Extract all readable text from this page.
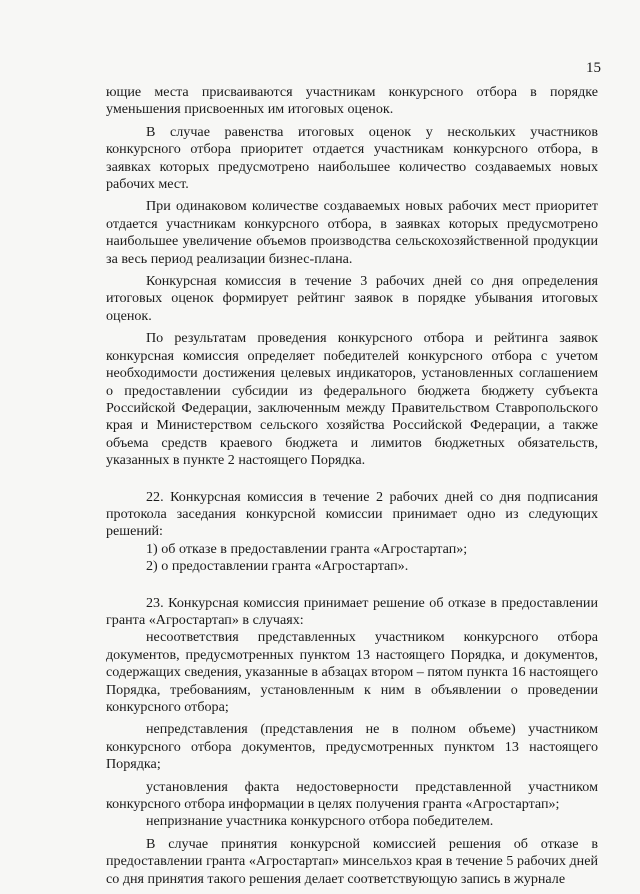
15

ющие места присваиваются участникам конкурсного отбора в порядке уменьшения присвоенных им итоговых оценок.

В случае равенства итоговых оценок у нескольких участников конкурсного отбора приоритет отдается участникам конкурсного отбора, в заявках которых предусмотрено наибольшее количество создаваемых новых рабочих мест.

При одинаковом количестве создаваемых новых рабочих мест приоритет отдается участникам конкурсного отбора, в заявках которых предусмотрено наибольшее увеличение объемов производства сельскохозяйственной продукции за весь период реализации бизнес-плана.

Конкурсная комиссия в течение 3 рабочих дней со дня определения итоговых оценок формирует рейтинг заявок в порядке убывания итоговых оценок.

По результатам проведения конкурсного отбора и рейтинга заявок конкурсная комиссия определяет победителей конкурсного отбора с учетом необходимости достижения целевых индикаторов, установленных соглашением о предоставлении субсидии из федерального бюджета бюджету субъекта Российской Федерации, заключенным между Правительством Ставропольского края и Министерством сельского хозяйства Российской Федерации, а также объема средств краевого бюджета и лимитов бюджетных обязательств, указанных в пункте 2 настоящего Порядка.

22. Конкурсная комиссия в течение 2 рабочих дней со дня подписания протокола заседания конкурсной комиссии принимает одно из следующих решений:

1) об отказе в предоставлении гранта «Агростартап»;

2) о предоставлении гранта «Агростартап».

23. Конкурсная комиссия принимает решение об отказе в предоставлении гранта «Агростартап» в случаях:

несоответствия представленных участником конкурсного отбора документов, предусмотренных пунктом 13 настоящего Порядка, и документов, содержащих сведения, указанные в абзацах втором – пятом пункта 16 настоящего Порядка, требованиям, установленным к ним в объявлении о проведении конкурсного отбора;

непредставления (представления не в полном объеме) участником конкурсного отбора документов, предусмотренных пунктом 13 настоящего Порядка;

установления факта недостоверности представленной участником конкурсного отбора информации в целях получения гранта «Агростартап»;

непризнание участника конкурсного отбора победителем.

В случае принятия конкурсной комиссией решения об отказе в предоставлении гранта «Агростартап» минсельхоз края в течение 5 рабочих дней со дня принятия такого решения делает соответствующую запись в журнале
